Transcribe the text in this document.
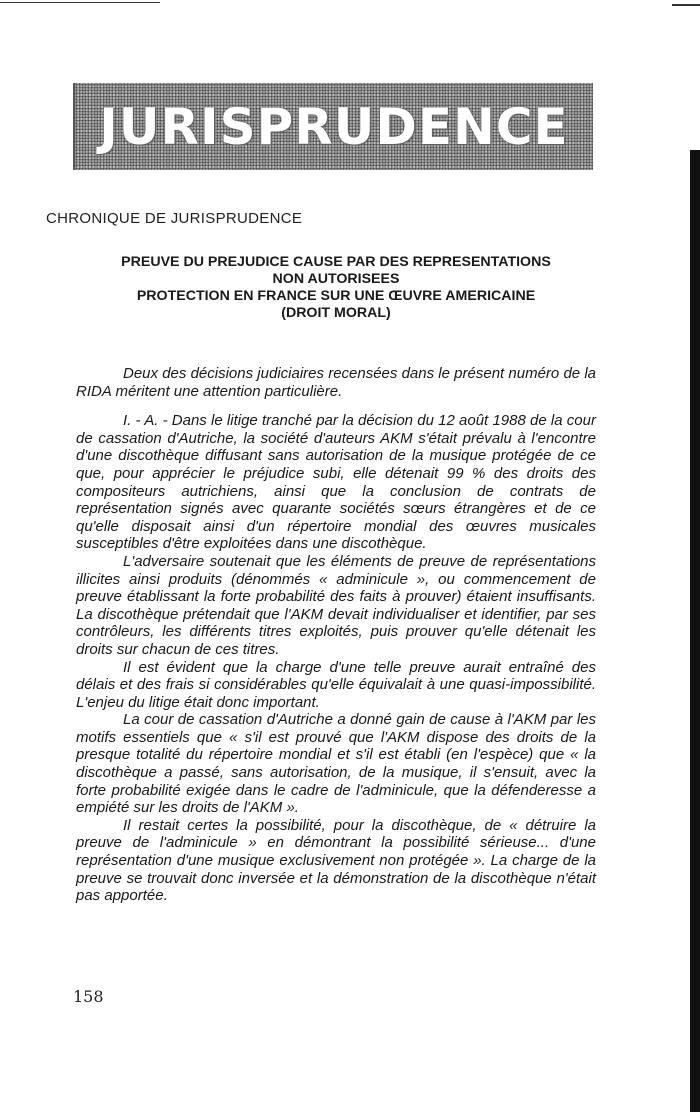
JURISPRUDENCE
CHRONIQUE DE JURISPRUDENCE
PREUVE DU PREJUDICE CAUSE PAR DES REPRESENTATIONS
NON AUTORISEES
PROTECTION EN FRANCE SUR UNE ŒUVRE AMERICAINE
(DROIT MORAL)

Deux des décisions judiciaires recensées dans le présent numéro de la RIDA méritent une attention particulière.

I. - A. - Dans le litige tranché par la décision du 12 août 1988 de la cour de cassation d'Autriche, la société d'auteurs AKM s'était prévalu à l'encontre d'une discothèque diffusant sans autorisation de la musique protégée de ce que, pour apprécier le préjudice subi, elle détenait 99 % des droits des compositeurs autrichiens, ainsi que la conclusion de contrats de représentation signés avec quarante sociétés sœurs étrangères et de ce qu'elle disposait ainsi d'un répertoire mondial des œuvres musicales susceptibles d'être exploitées dans une discothèque.

L'adversaire soutenait que les éléments de preuve de représentations illicites ainsi produits (dénommés « adminicule », ou commencement de preuve établissant la forte probabilité des faits à prouver) étaient insuffisants. La discothèque prétendait que l'AKM devait individualiser et identifier, par ses contrôleurs, les différents titres exploités, puis prouver qu'elle détenait les droits sur chacun de ces titres.

Il est évident que la charge d'une telle preuve aurait entraîné des délais et des frais si considérables qu'elle équivalait à une quasi-impossibilité. L'enjeu du litige était donc important.

La cour de cassation d'Autriche a donné gain de cause à l'AKM par les motifs essentiels que « s'il est prouvé que l'AKM dispose des droits de la presque totalité du répertoire mondial et s'il est établi (en l'espèce) que « la discothèque a passé, sans autorisation, de la musique, il s'ensuit, avec la forte probabilité exigée dans le cadre de l'adminicule, que la défenderesse a empiété sur les droits de l'AKM ».

Il restait certes la possibilité, pour la discothèque, de « détruire la preuve de l'adminicule » en démontrant la possibilité sérieuse... d'une représentation d'une musique exclusivement non protégée ». La charge de la preuve se trouvait donc inversée et la démonstration de la discothèque n'était pas apportée.

158
